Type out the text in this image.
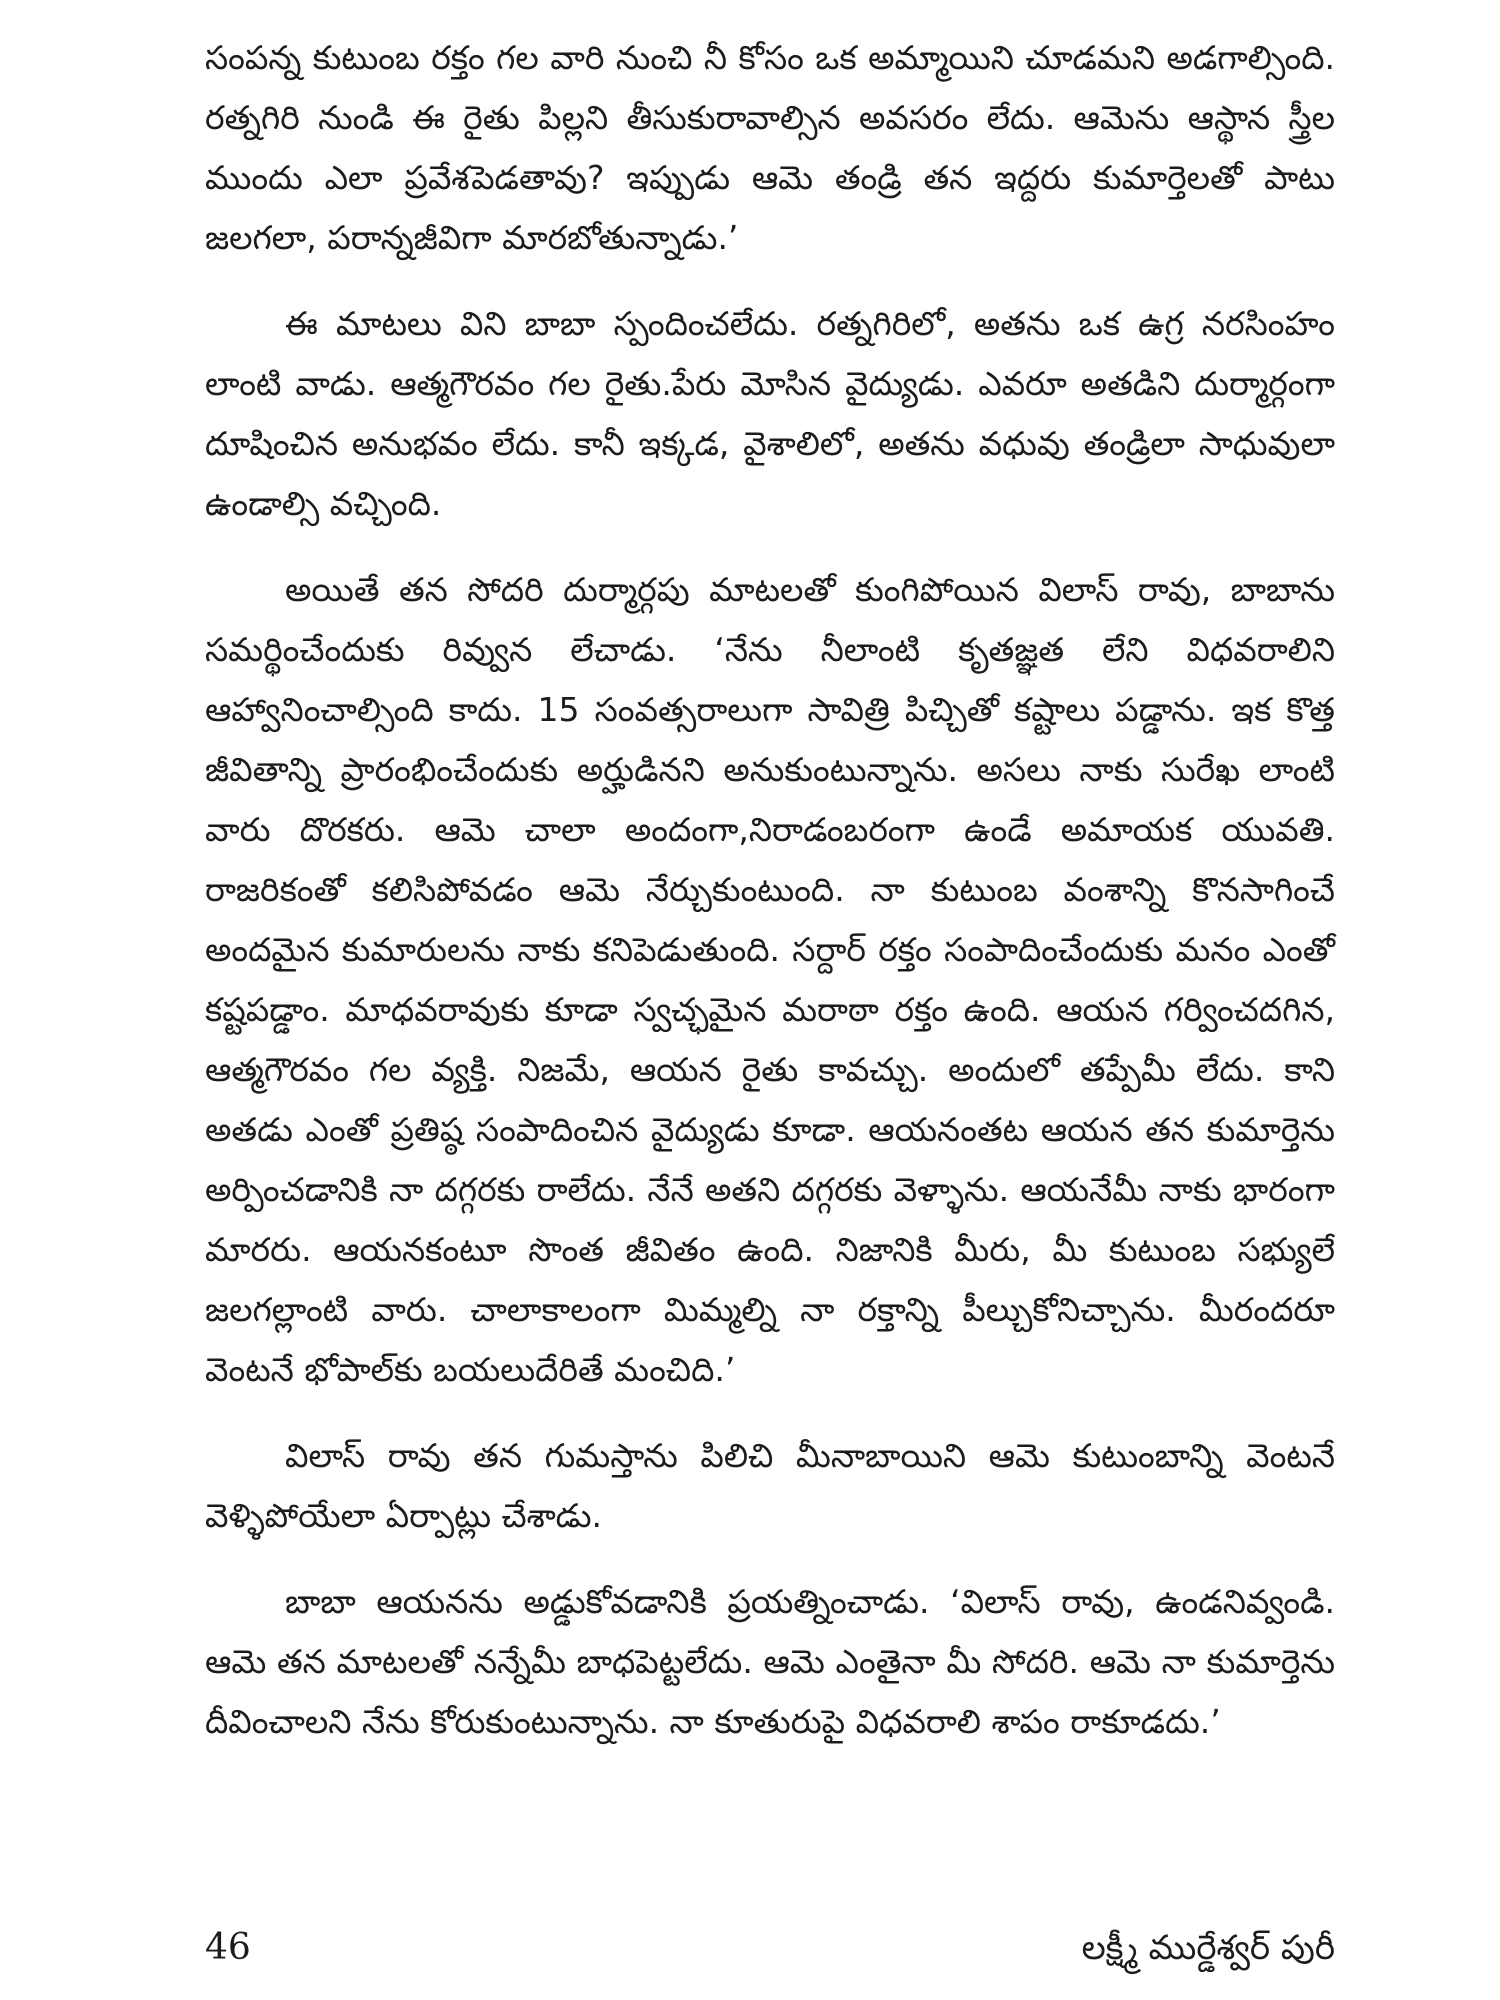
సంపన్న కుటుంబ రక్తం గల వారి నుంచి నీ కోసం ఒక అమ్మాయిని చూడమని అడగాల్సింది. రత్నగిరి నుండి ఈ రైతు పిల్లని తీసుకురావాల్సిన అవసరం లేదు. ఆమెను ఆస్థాన స్త్రీల ముందు ఎలా ప్రవేశపెడతావు? ఇప్పుడు ఆమె తండ్రి తన ఇద్దరు కుమార్తెలతో పాటు జలగలా, పరాన్నజీవిగా మారబోతున్నాడు.’

ఈ మాటలు విని బాబా స్పందించలేదు. రత్నగిరిలో, అతను ఒక ఉగ్ర నరసింహం లాంటి వాడు. ఆత్మగౌరవం గల రైతు.పేరు మోసిన వైద్యుడు. ఎవరూ అతడిని దుర్మార్గంగా దూషించిన అనుభవం లేదు. కానీ ఇక్కడ, వైశాలిలో, అతను వధువు తండ్రిలా సాధువులా ఉండాల్సి వచ్చింది.

అయితే తన సోదరి దుర్మార్గపు మాటలతో కుంగిపోయిన విలాస్ రావు, బాబాను సమర్థించేందుకు రివ్వున లేచాడు. ‘నేను నీలాంటి కృతజ్ఞత లేని విధవరాలిని ఆహ్వానించాల్సింది కాదు. 15 సంవత్సరాలుగా సావిత్రి పిచ్చితో కష్టాలు పడ్డాను. ఇక కొత్త జీవితాన్ని ప్రారంభించేందుకు అర్హుడినని అనుకుంటున్నాను. అసలు నాకు సురేఖ లాంటి వారు దొరకరు. ఆమె చాలా అందంగా,నిరాడంబరంగా ఉండే అమాయక యువతి. రాజరికంతో కలిసిపోవడం ఆమె నేర్చుకుంటుంది. నా కుటుంబ వంశాన్ని కొనసాగించే అందమైన కుమారులను నాకు కనిపెడుతుంది. సర్దార్ రక్తం సంపాదించేందుకు మనం ఎంతో కష్టపడ్డాం. మాధవరావుకు కూడా స్వచ్ఛమైన మరాఠా రక్తం ఉంది. ఆయన గర్వించదగిన, ఆత్మగౌరవం గల వ్యక్తి. నిజమే, ఆయన రైతు కావచ్చు. అందులో తప్పేమీ లేదు. కాని అతడు ఎంతో ప్రతిష్ఠ సంపాదించిన వైద్యుడు కూడా. ఆయనంతట ఆయన తన కుమార్తెను అర్పించడానికి నా దగ్గరకు రాలేదు. నేనే అతని దగ్గరకు వెళ్ళాను. ఆయనేమీ నాకు భారంగా మారరు. ఆయనకంటూ సొంత జీవితం ఉంది. నిజానికి మీరు, మీ కుటుంబ సభ్యులే జలగల్లాంటి వారు. చాలాకాలంగా మిమ్మల్ని నా రక్తాన్ని పీల్చుకోనిచ్చాను. మీరందరూ వెంటనే భోపాల్‌కు బయలుదేరితే మంచిది.’

విలాస్ రావు తన గుమస్తాను పిలిచి మీనాబాయిని ఆమె కుటుంబాన్ని వెంటనే వెళ్ళిపోయేలా ఏర్పాట్లు చేశాడు.

బాబా ఆయనను అడ్డుకోవడానికి ప్రయత్నించాడు. ‘విలాస్ రావు, ఉండనివ్వండి. ఆమె తన మాటలతో నన్నేమీ బాధపెట్టలేదు. ఆమె ఎంతైనా మీ సోదరి. ఆమె నా కుమార్తెను దీవించాలని నేను కోరుకుంటున్నాను. నా కూతురుపై విధవరాలి శాపం రాకూడదు.’

46	లక్ష్మీ ముర్డేశ్వర్ పురీ
